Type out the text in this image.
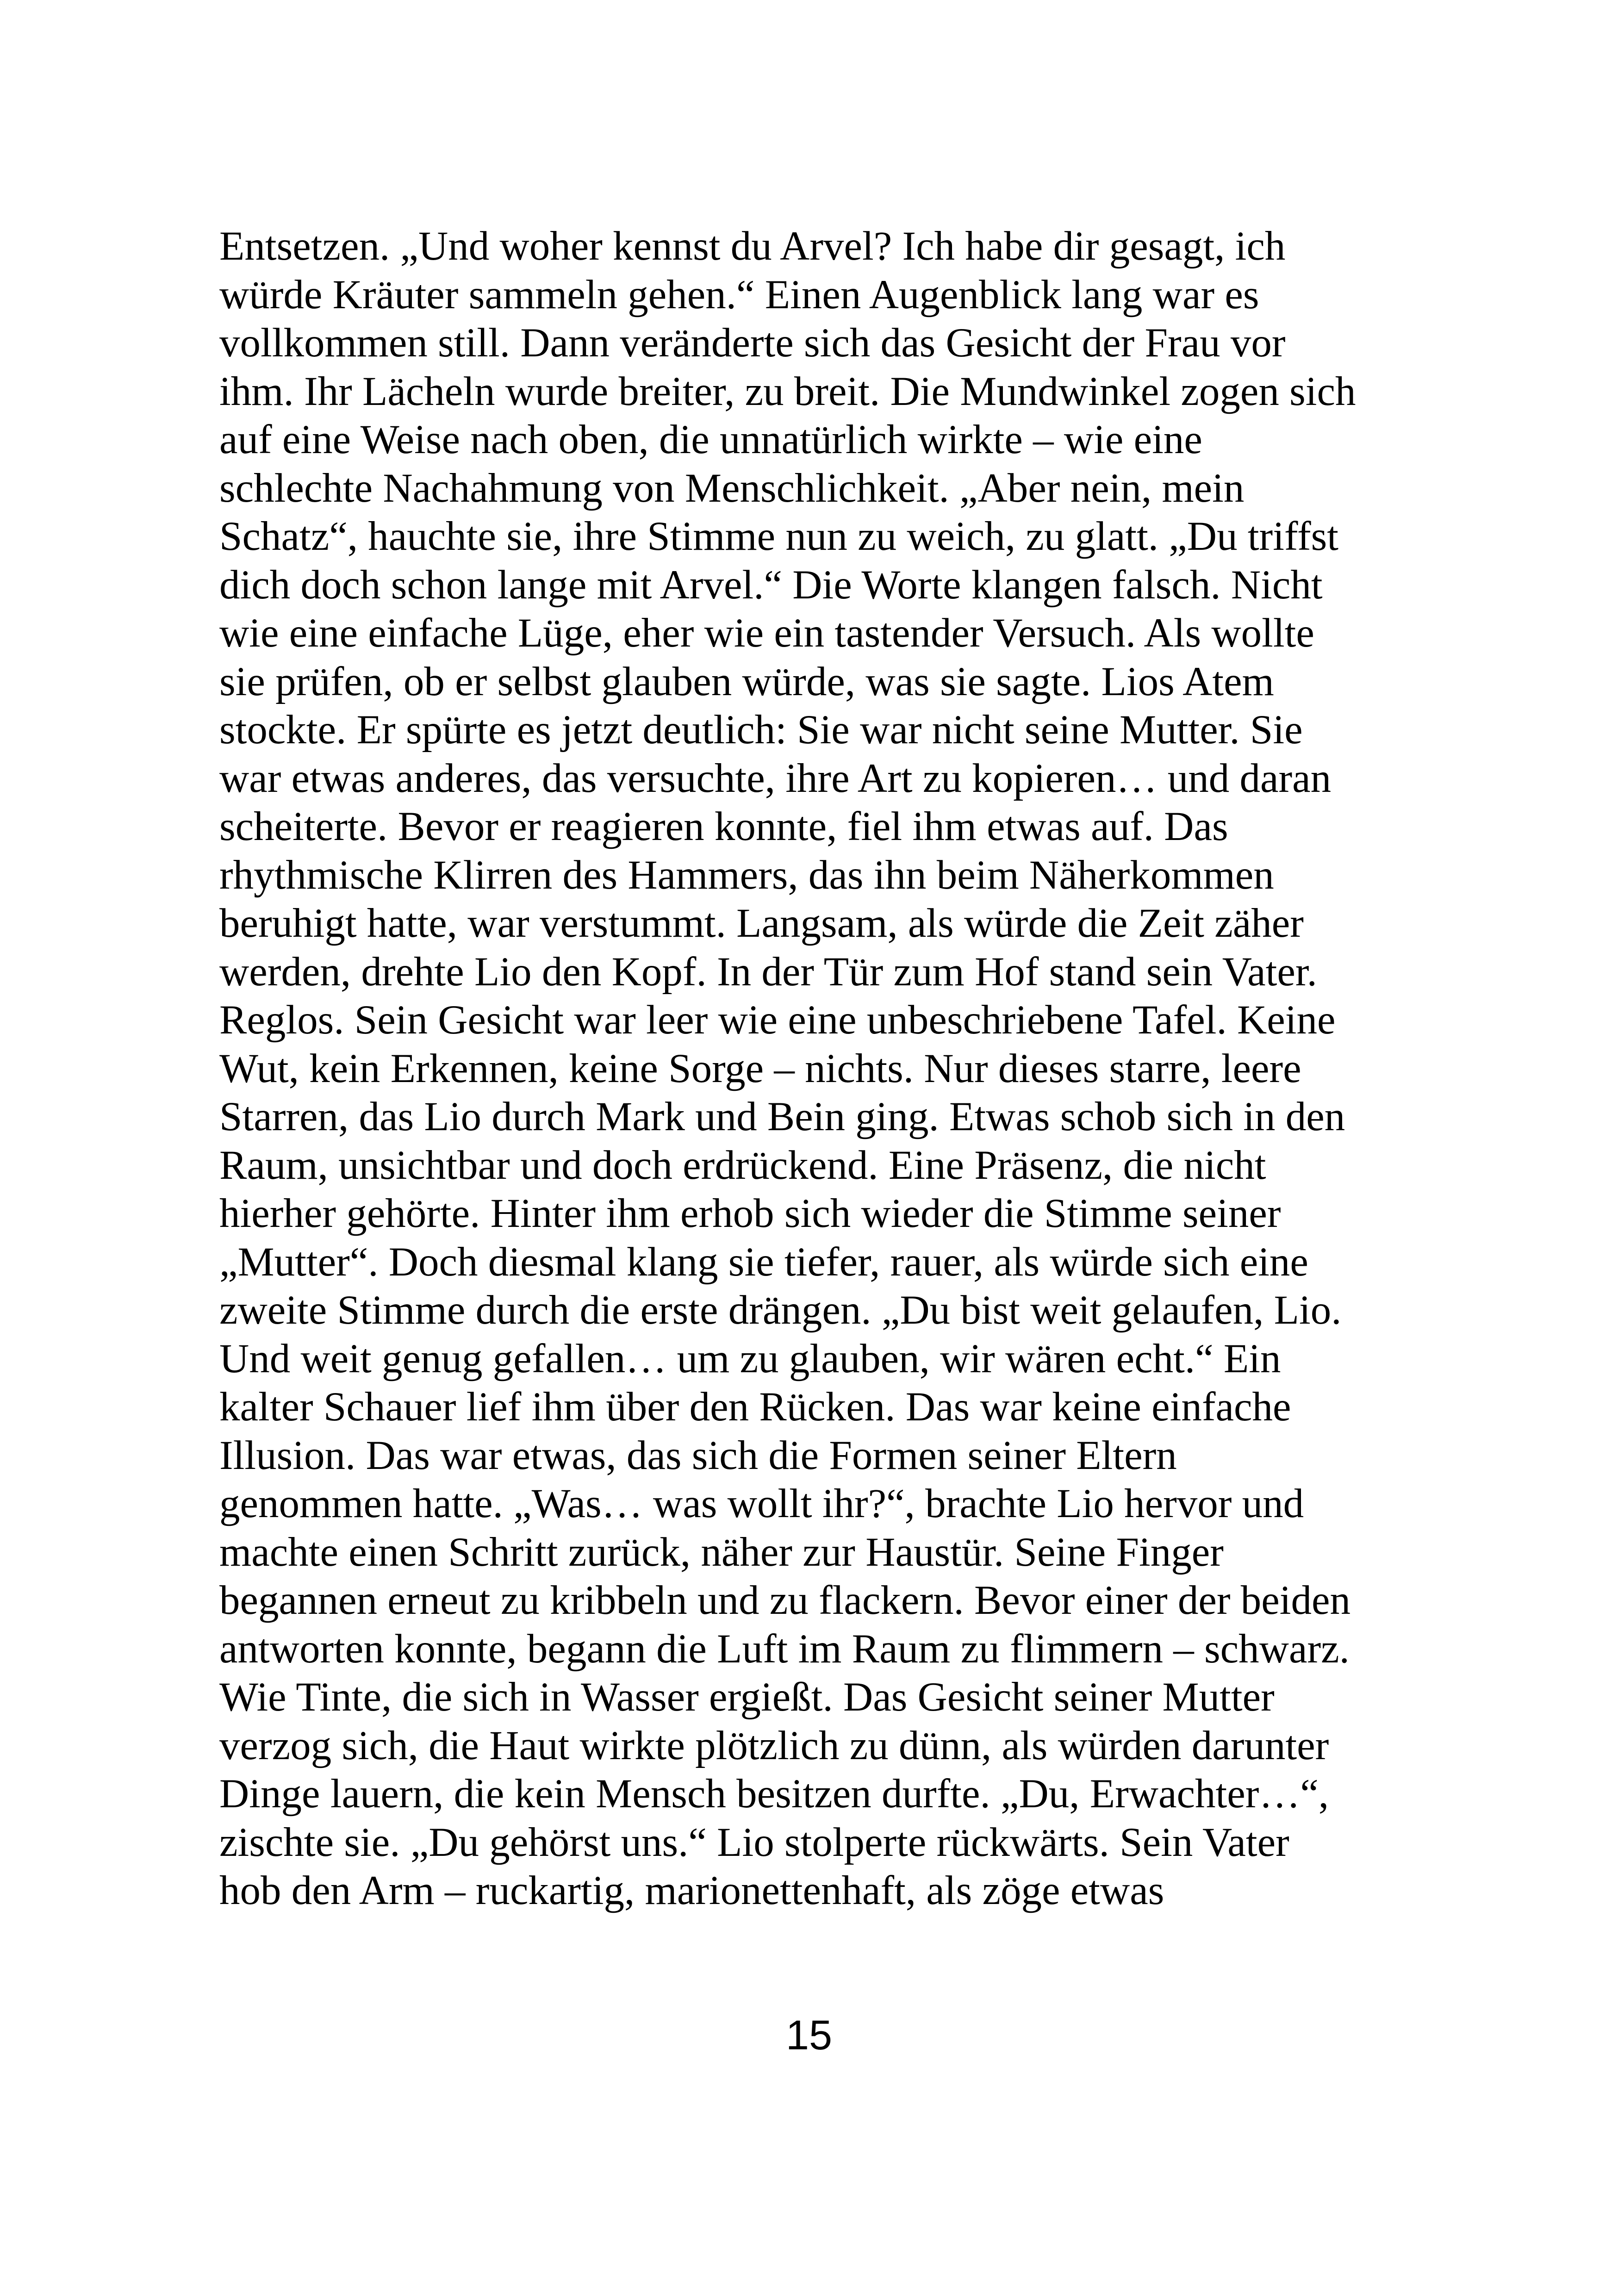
Entsetzen. „Und woher kennst du Arvel? Ich habe dir gesagt, ich
würde Kräuter sammeln gehen.“ Einen Augenblick lang war es
vollkommen still. Dann veränderte sich das Gesicht der Frau vor
ihm. Ihr Lächeln wurde breiter, zu breit. Die Mundwinkel zogen sich
auf eine Weise nach oben, die unnatürlich wirkte – wie eine
schlechte Nachahmung von Menschlichkeit. „Aber nein, mein
Schatz“, hauchte sie, ihre Stimme nun zu weich, zu glatt. „Du triffst
dich doch schon lange mit Arvel.“ Die Worte klangen falsch. Nicht
wie eine einfache Lüge, eher wie ein tastender Versuch. Als wollte
sie prüfen, ob er selbst glauben würde, was sie sagte. Lios Atem
stockte. Er spürte es jetzt deutlich: Sie war nicht seine Mutter. Sie
war etwas anderes, das versuchte, ihre Art zu kopieren… und daran
scheiterte. Bevor er reagieren konnte, fiel ihm etwas auf. Das
rhythmische Klirren des Hammers, das ihn beim Näherkommen
beruhigt hatte, war verstummt. Langsam, als würde die Zeit zäher
werden, drehte Lio den Kopf. In der Tür zum Hof stand sein Vater.
Reglos. Sein Gesicht war leer wie eine unbeschriebene Tafel. Keine
Wut, kein Erkennen, keine Sorge – nichts. Nur dieses starre, leere
Starren, das Lio durch Mark und Bein ging. Etwas schob sich in den
Raum, unsichtbar und doch erdrückend. Eine Präsenz, die nicht
hierher gehörte. Hinter ihm erhob sich wieder die Stimme seiner
„Mutter“. Doch diesmal klang sie tiefer, rauer, als würde sich eine
zweite Stimme durch die erste drängen. „Du bist weit gelaufen, Lio.
Und weit genug gefallen… um zu glauben, wir wären echt.“ Ein
kalter Schauer lief ihm über den Rücken. Das war keine einfache
Illusion. Das war etwas, das sich die Formen seiner Eltern
genommen hatte. „Was… was wollt ihr?“, brachte Lio hervor und
machte einen Schritt zurück, näher zur Haustür. Seine Finger
begannen erneut zu kribbeln und zu flackern. Bevor einer der beiden
antworten konnte, begann die Luft im Raum zu flimmern – schwarz.
Wie Tinte, die sich in Wasser ergießt. Das Gesicht seiner Mutter
verzog sich, die Haut wirkte plötzlich zu dünn, als würden darunter
Dinge lauern, die kein Mensch besitzen durfte. „Du, Erwachter…“,
zischte sie. „Du gehörst uns.“ Lio stolperte rückwärts. Sein Vater
hob den Arm – ruckartig, marionettenhaft, als zöge etwas
15
